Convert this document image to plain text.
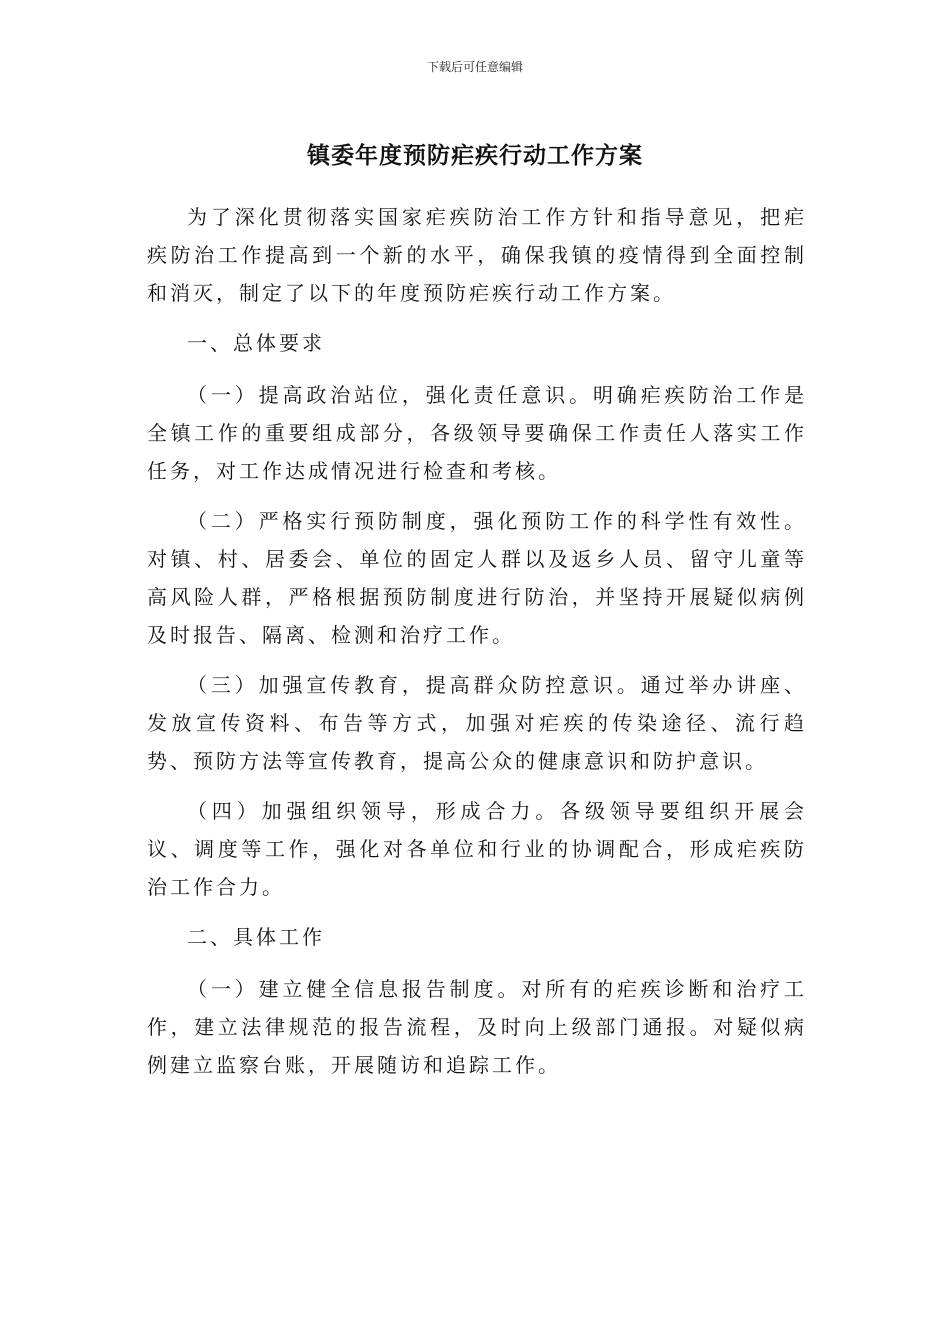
下载后可任意编辑
镇委年度预防疟疾行动工作方案

为了深化贯彻落实国家疟疾防治工作方针和指导意见，把疟疾防治工作提高到一个新的水平，确保我镇的疫情得到全面控制和消灭，制定了以下的年度预防疟疾行动工作方案。

一、总体要求

（一）提高政治站位，强化责任意识。明确疟疾防治工作是全镇工作的重要组成部分，各级领导要确保工作责任人落实工作任务，对工作达成情况进行检查和考核。

（二）严格实行预防制度，强化预防工作的科学性有效性。对镇、村、居委会、单位的固定人群以及返乡人员、留守儿童等高风险人群，严格根据预防制度进行防治，并坚持开展疑似病例及时报告、隔离、检测和治疗工作。

（三）加强宣传教育，提高群众防控意识。通过举办讲座、发放宣传资料、布告等方式，加强对疟疾的传染途径、流行趋势、预防方法等宣传教育，提高公众的健康意识和防护意识。

（四）加强组织领导，形成合力。各级领导要组织开展会议、调度等工作，强化对各单位和行业的协调配合，形成疟疾防治工作合力。

二、具体工作

（一）建立健全信息报告制度。对所有的疟疾诊断和治疗工作，建立法律规范的报告流程，及时向上级部门通报。对疑似病例建立监察台账，开展随访和追踪工作。
